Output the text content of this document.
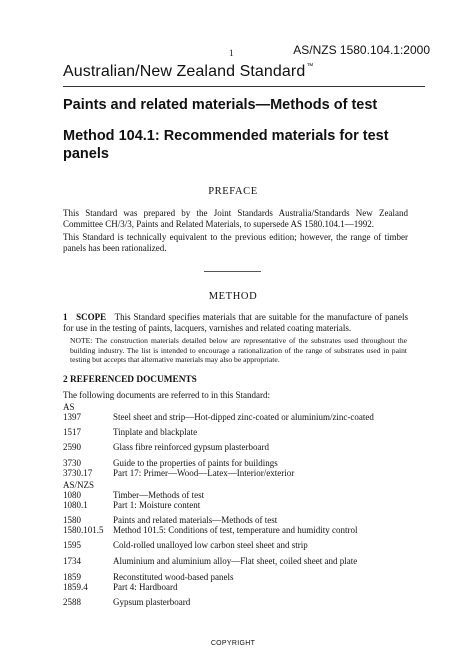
1	AS/NZS 1580.104.1:2000
Australian/New Zealand Standard™
Paints and related materials—Methods of test
Method 104.1: Recommended materials for test panels
PREFACE
This Standard was prepared by the Joint Standards Australia/Standards New Zealand Committee CH/3/3, Paints and Related Materials, to supersede AS 1580.104.1—1992.
This Standard is technically equivalent to the previous edition; however, the range of timber panels has been rationalized.
METHOD
1 SCOPE This Standard specifies materials that are suitable for the manufacture of panels for use in the testing of paints, lacquers, varnishes and related coating materials.
NOTE: The construction materials detailed below are representative of the substrates used throughout the building industry. The list is intended to encourage a rationalization of the range of substrates used in paint testing but accepts that alternative materials may also be appropriate.
2 REFERENCED DOCUMENTS
The following documents are referred to in this Standard:
AS
1397	Steel sheet and strip—Hot-dipped zinc-coated or aluminium/zinc-coated
1517	Tinplate and blackplate
2590	Glass fibre reinforced gypsum plasterboard
3730	Guide to the properties of paints for buildings
3730.17 Part 17: Primer—Wood—Latex—Interior/exterior
AS/NZS
1080	Timber—Methods of test
1080.1	Part 1: Moisture content
1580	Paints and related materials—Methods of test
1580.101.5 Method 101.5: Conditions of test, temperature and humidity control
1595	Cold-rolled unalloyed low carbon steel sheet and strip
1734	Aluminium and aluminium alloy—Flat sheet, coiled sheet and plate
1859	Reconstituted wood-based panels
1859.4	Part 4: Hardboard
2588	Gypsum plasterboard
COPYRIGHT
